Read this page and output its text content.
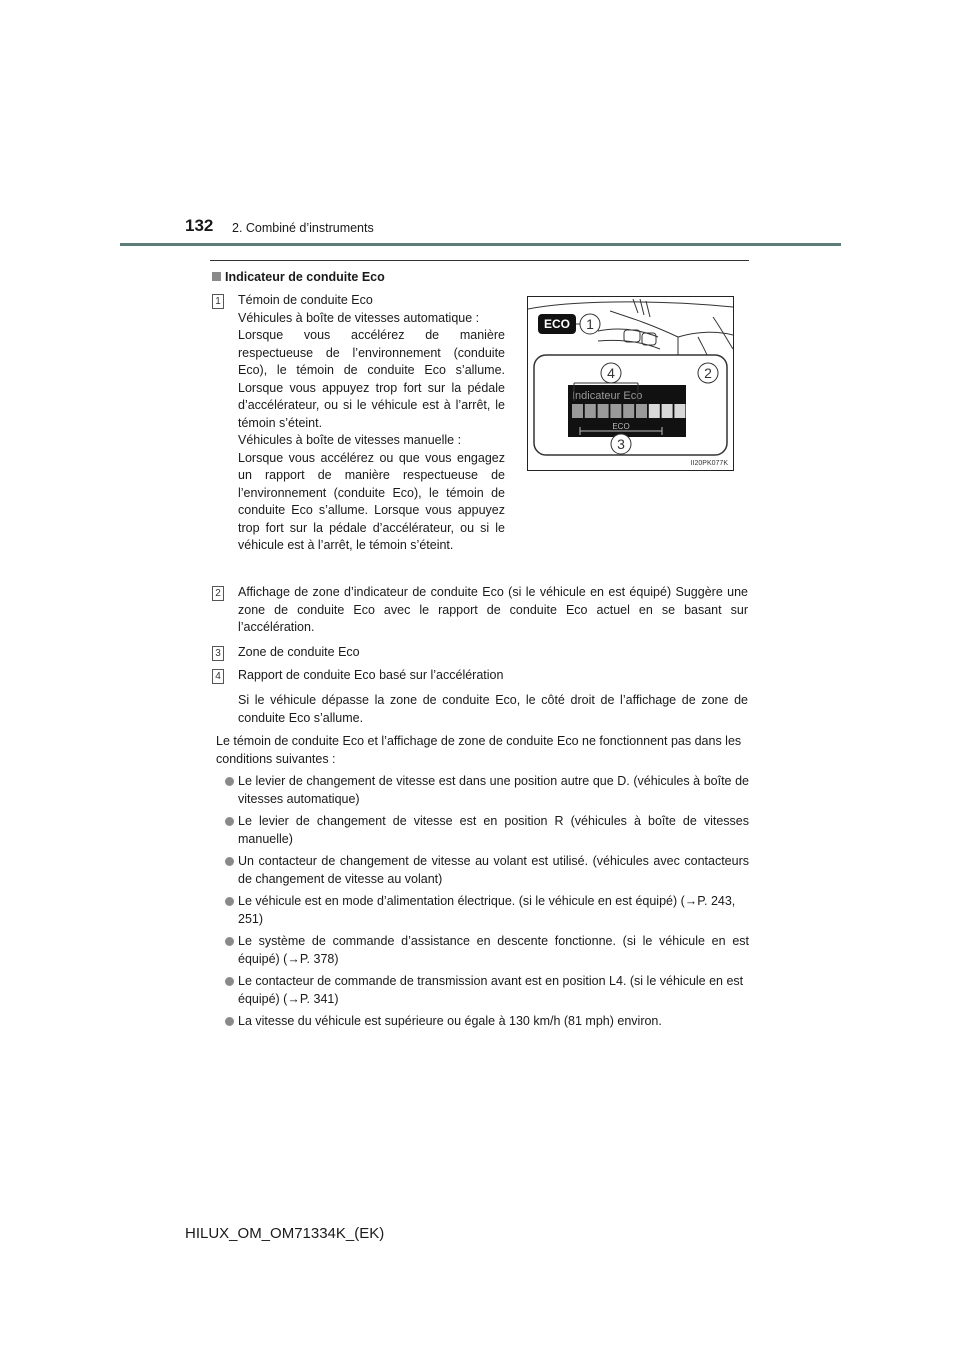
132 2. Combiné d’instruments
Indicateur de conduite Eco
1 Témoin de conduite Eco

Véhicules à boîte de vitesses automatique :

Lorsque vous accélérez de manière respectueuse de l’environnement (conduite Eco), le témoin de conduite Eco s’allume. Lorsque vous appuyez trop fort sur la pédale d’accélérateur, ou si le véhicule est à l’arrêt, le témoin s’éteint.

Véhicules à boîte de vitesses manuelle :

Lorsque vous accélérez ou que vous engagez un rapport de manière respectueuse de l’environnement (conduite Eco), le témoin de conduite Eco s’allume. Lorsque vous appuyez trop fort sur la pédale d’accélérateur, ou si le véhicule est à l’arrêt, le témoin s’éteint.

ECO 1
Indicateur Eco
ECO
4	2
3
II20PK077K
2 Affichage de zone d’indicateur de conduite Eco (si le véhicule en est équipé) Suggère une zone de conduite Eco avec le rapport de conduite Eco actuel en se basant sur l’accélération.
3 Zone de conduite Eco
4 Rapport de conduite Eco basé sur l’accélération
Si le véhicule dépasse la zone de conduite Eco, le côté droit de l’affichage de zone de conduite Eco s’allume.
Le témoin de conduite Eco et l’affichage de zone de conduite Eco ne fonctionnent pas dans les conditions suivantes :
Le levier de changement de vitesse est dans une position autre que D. (véhicules à boîte de vitesses automatique)
Le levier de changement de vitesse est en position R (véhicules à boîte de vitesses manuelle)
Un contacteur de changement de vitesse au volant est utilisé. (véhicules avec contacteurs de changement de vitesse au volant)
Le véhicule est en mode d’alimentation électrique. (si le véhicule en est équipé) (→P. 243, 251)
Le système de commande d’assistance en descente fonctionne. (si le véhicule en est équipé) (→P. 378)
Le contacteur de commande de transmission avant est en position L4. (si le véhicule en est équipé) (→P. 341)
La vitesse du véhicule est supérieure ou égale à 130 km/h (81 mph) environ.
HILUX_OM_OM71334K_(EK)
